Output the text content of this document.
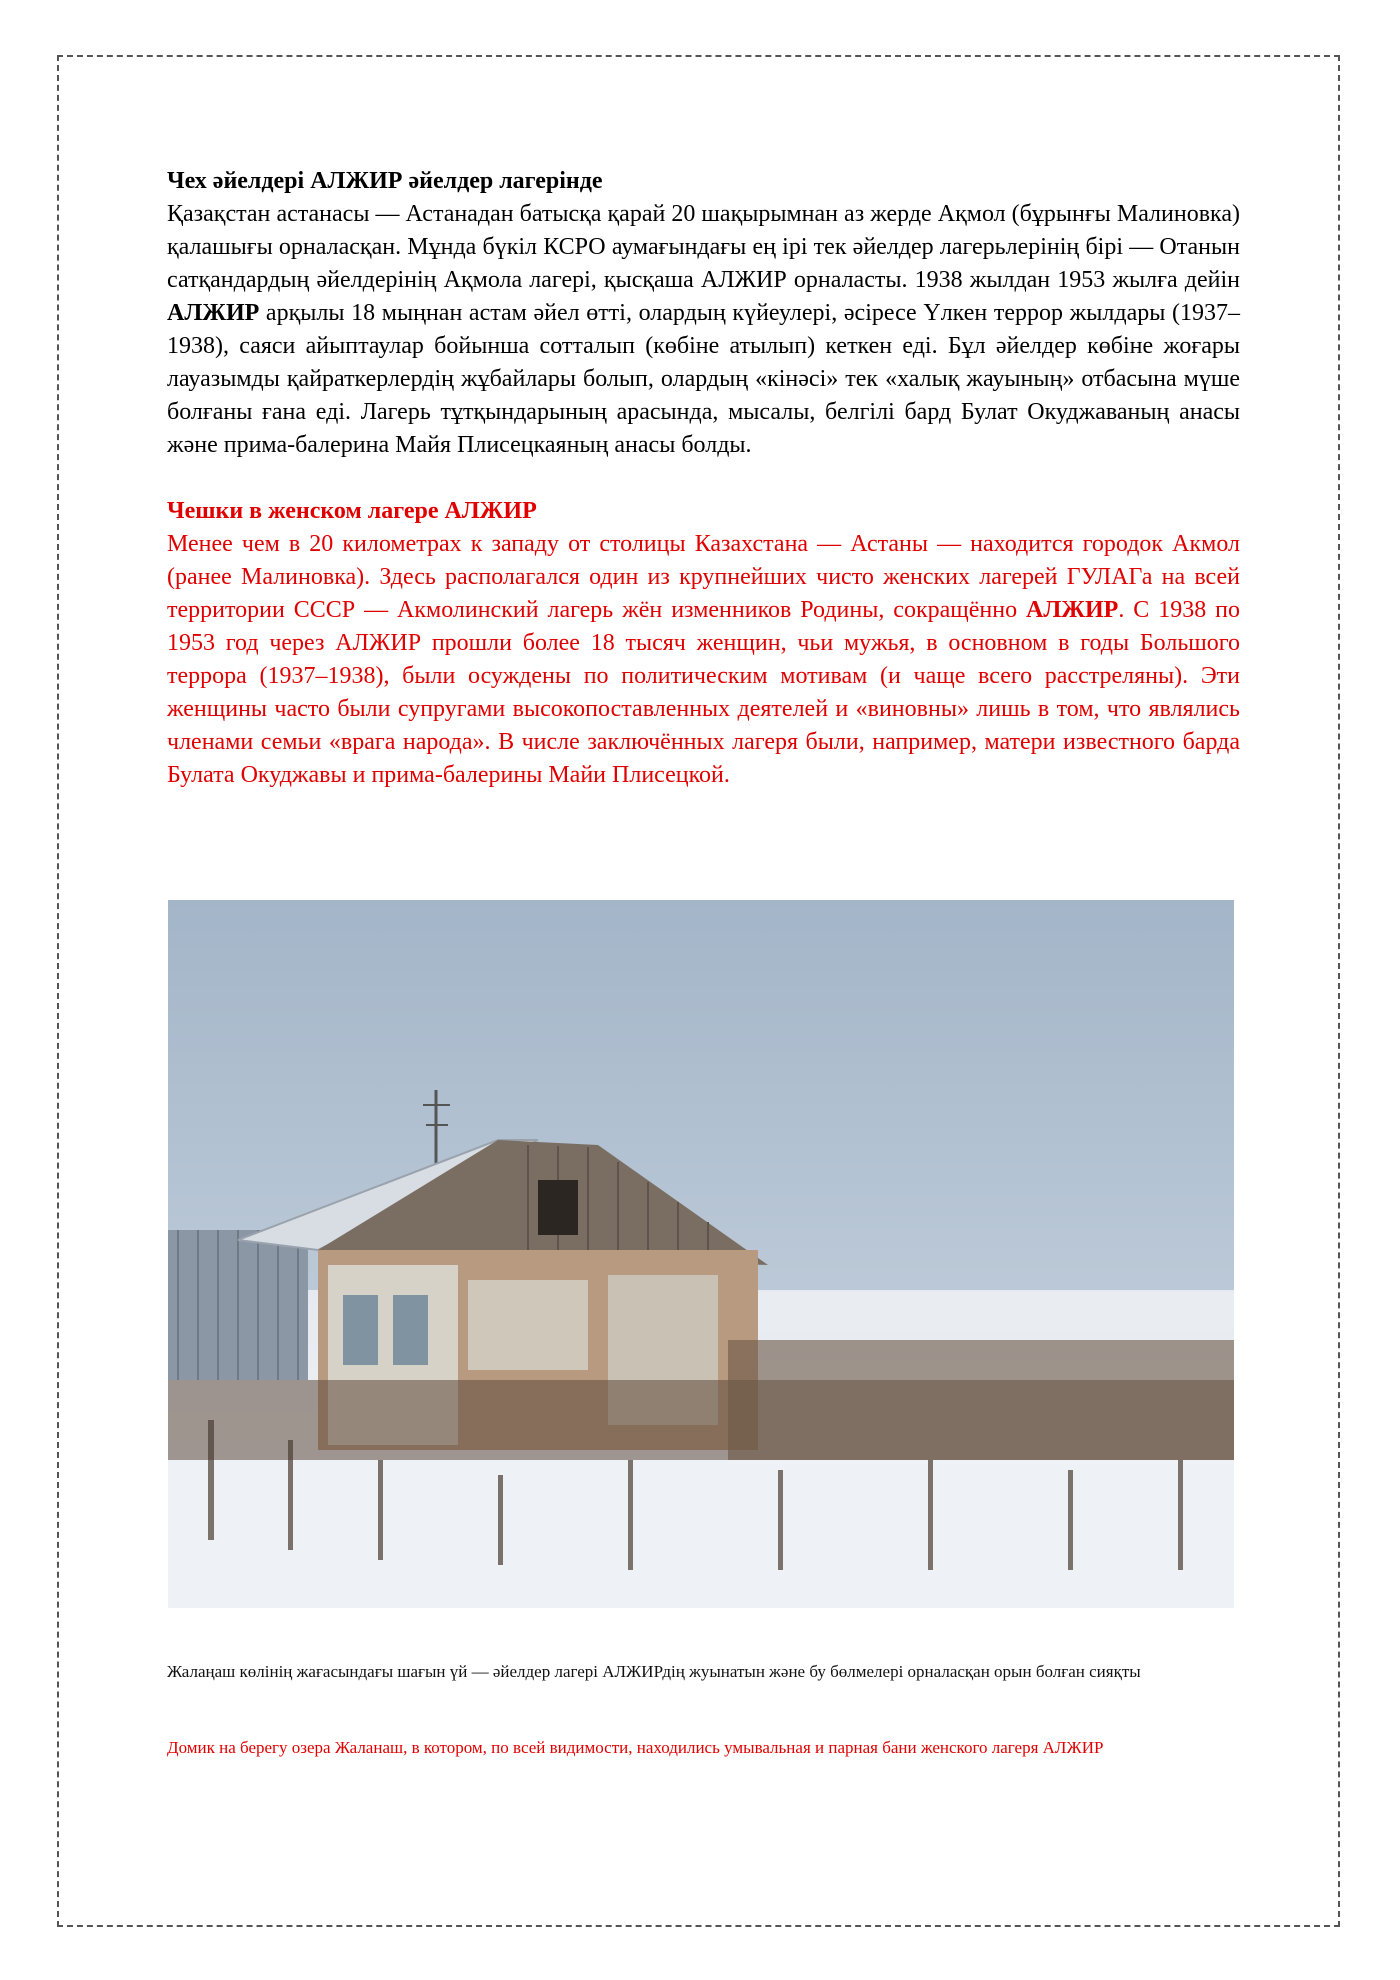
Чех әйелдері АЛЖИР әйелдер лагерінде

Қазақстан астанасы — Астанадан батысқа қарай 20 шақырымнан аз жерде Ақмол (бұрынғы Малиновка) қалашығы орналасқан. Мұнда бүкіл КСРО аумағындағы ең ірі тек әйелдер лагерьлерінің бірі — Отанын сатқандардың әйелдерінің Ақмола лагері, қысқаша АЛЖИР орналасты. 1938 жылдан 1953 жылға дейін АЛЖИР арқылы 18 мыңнан астам әйел өтті, олардың күйеулері, әсіресе Үлкен террор жылдары (1937–1938), саяси айыптаулар бойынша сотталып (көбіне атылып) кеткен еді. Бұл әйелдер көбіне жоғары лауазымды қайраткерлердің жұбайлары болып, олардың «кінәсі» тек «халық жауының» отбасына мүше болғаны ғана еді. Лагерь тұтқындарының арасында, мысалы, белгілі бард Булат Окуджаваның анасы және прима-балерина Майя Плисецкаяның анасы болды.

Чешки в женском лагере АЛЖИР

Менее чем в 20 километрах к западу от столицы Казахстана — Астаны — находится городок Акмол (ранее Малиновка). Здесь располагался один из крупнейших чисто женских лагерей ГУЛАГа на всей территории СССР — Акмолинский лагерь жён изменников Родины, сокращённо АЛЖИР. С 1938 по 1953 год через АЛЖИР прошли более 18 тысяч женщин, чьи мужья, в основном в годы Большого террора (1937–1938), были осуждены по политическим мотивам (и чаще всего расстреляны). Эти женщины часто были супругами высокопоставленных деятелей и «виновны» лишь в том, что являлись членами семьи «врага народа». В числе заключённых лагеря были, например, матери известного барда Булата Окуджавы и прима-балерины Майи Плисецкой.

Жалаңаш көлінің жағасындағы шағын үй — әйелдер лагері АЛЖИРдің жуынатын және бу бөлмелері орналасқан орын болған сияқты

Домик на берегу озера Жаланаш, в котором, по всей видимости, находились умывальная и парная бани женского лагеря АЛЖИР
